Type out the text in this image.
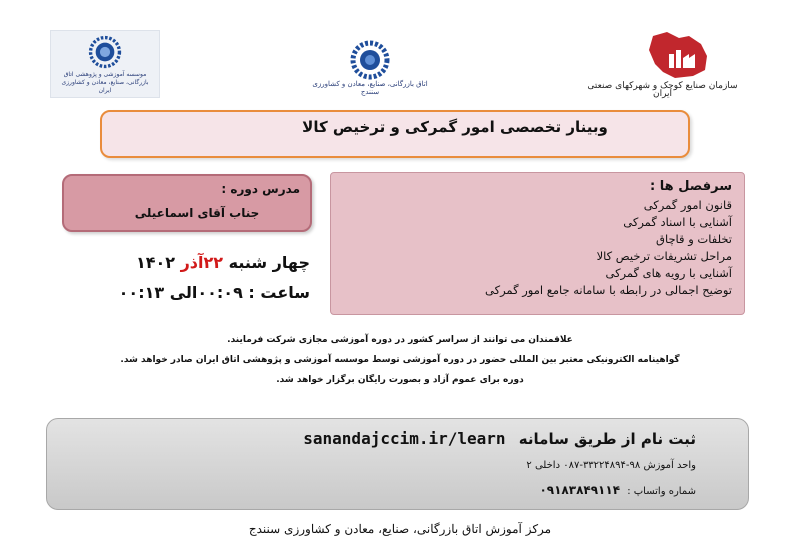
موسسه آموزشی و پژوهشی اتاق بازرگانی، صنایع، معادن و کشاورزی ایران
اتاق بازرگانی، صنایع، معادن و کشاورزی سنندج
سازمان صنایع کوچک و شهرکهای صنعتی ایران
وبینار تخصصی امور گمرکی و ترخیص کالا
مدرس دوره :
جناب آقای اسماعیلی
چهار شنبه ۲۲آذر ۱۴۰۲
ساعت : ۰۰:۰۹الی ۰۰:۱۳
سرفصل ها :
قانون امور گمرکی
آشنایی با اسناد گمرکی
تخلفات و قاچاق
مراحل تشریفات ترخیص کالا
آشنایی با رویه های گمرکی
توضیح اجمالی در رابطه با سامانه جامع امور گمرکی

علاقمندان می توانند از سراسر کشور در دوره آموزشی مجازی شرکت فرمایند.

گواهینامه الکترونیکی معتبر بین المللی حضور در دوره آموزشی توسط موسسه آموزشی و پژوهشی اتاق ایران صادر خواهد شد.

دوره برای عموم آزاد و بصورت رایگان برگزار خواهد شد.

ثبت نام از طریق سامانه sanandajccim.ir/learn
واحد آموزش ۹۸-۳۳۲۲۴۸۹۴-۰۸۷ داخلی ۲
شماره واتساپ : ۰۹۱۸۳۸۴۹۱۱۴
مرکز آموزش اتاق بازرگانی، صنایع، معادن و کشاورزی سنندج
